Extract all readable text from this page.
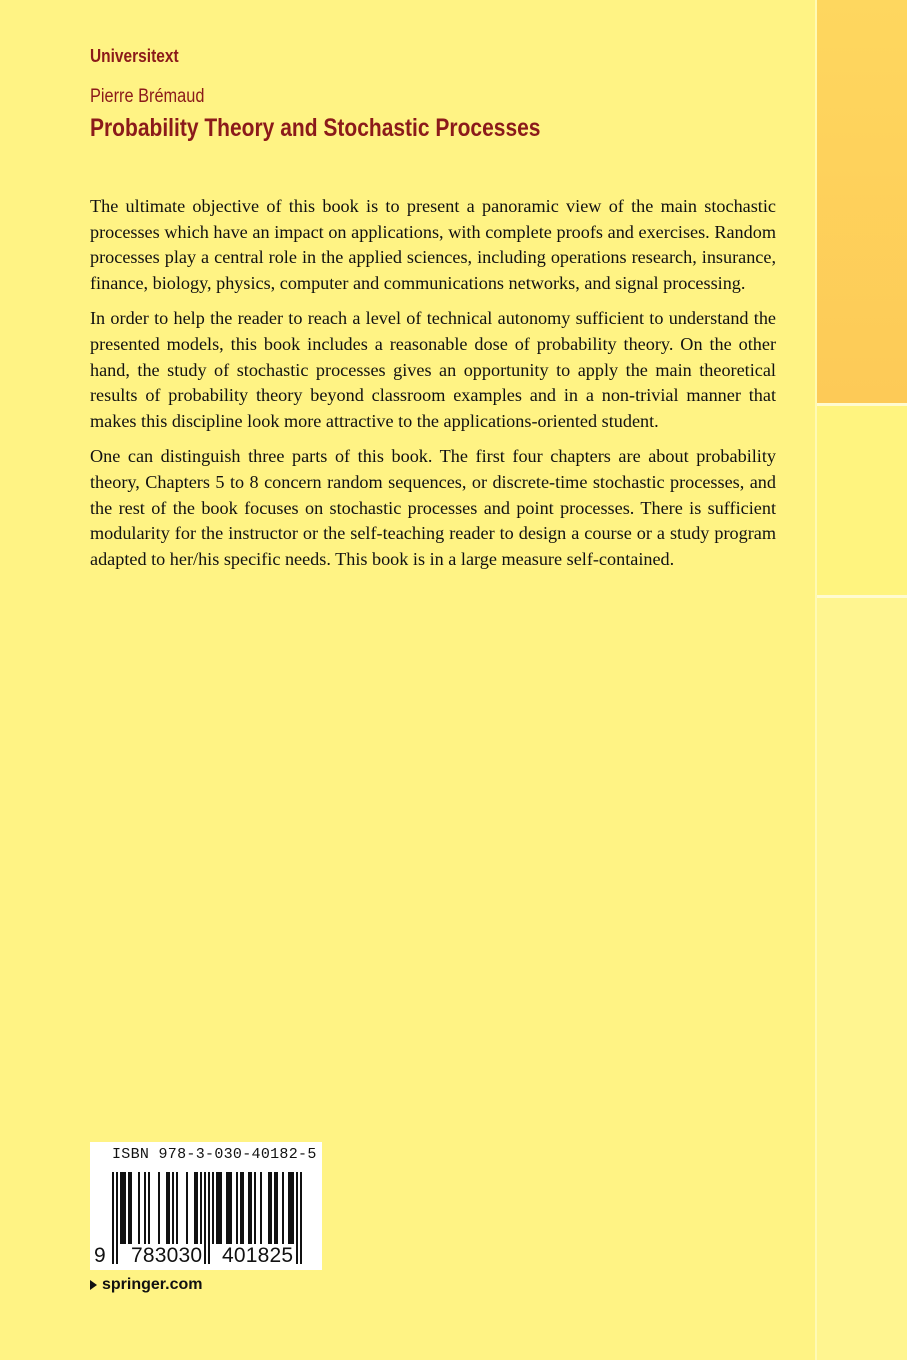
Universitext
Pierre Brémaud
Probability Theory and Stochastic Processes

The ultimate objective of this book is to present a panoramic view of the main stochastic processes which have an impact on applications, with complete proofs and exercises. Random processes play a central role in the applied sciences, including operations research, insurance, finance, biology, physics, computer and communications networks, and signal processing.

In order to help the reader to reach a level of technical autonomy sufficient to understand the presented models, this book includes a reasonable dose of probability theory. On the other hand, the study of stochastic processes gives an opportunity to apply the main theoretical results of probability theory beyond classroom examples and in a non-trivial manner that makes this discipline look more attractive to the applications-oriented student.

One can distinguish three parts of this book. The first four chapters are about probability theory, Chapters 5 to 8 concern random sequences, or discrete-time stochastic processes, and the rest of the book focuses on stochastic processes and point processes. There is sufficient modularity for the instructor or the self-teaching reader to design a course or a study program adapted to her/his specific needs. This book is in a large measure self-contained.

ISBN 978-3-030-40182-5
9 783030 401825
springer.com
